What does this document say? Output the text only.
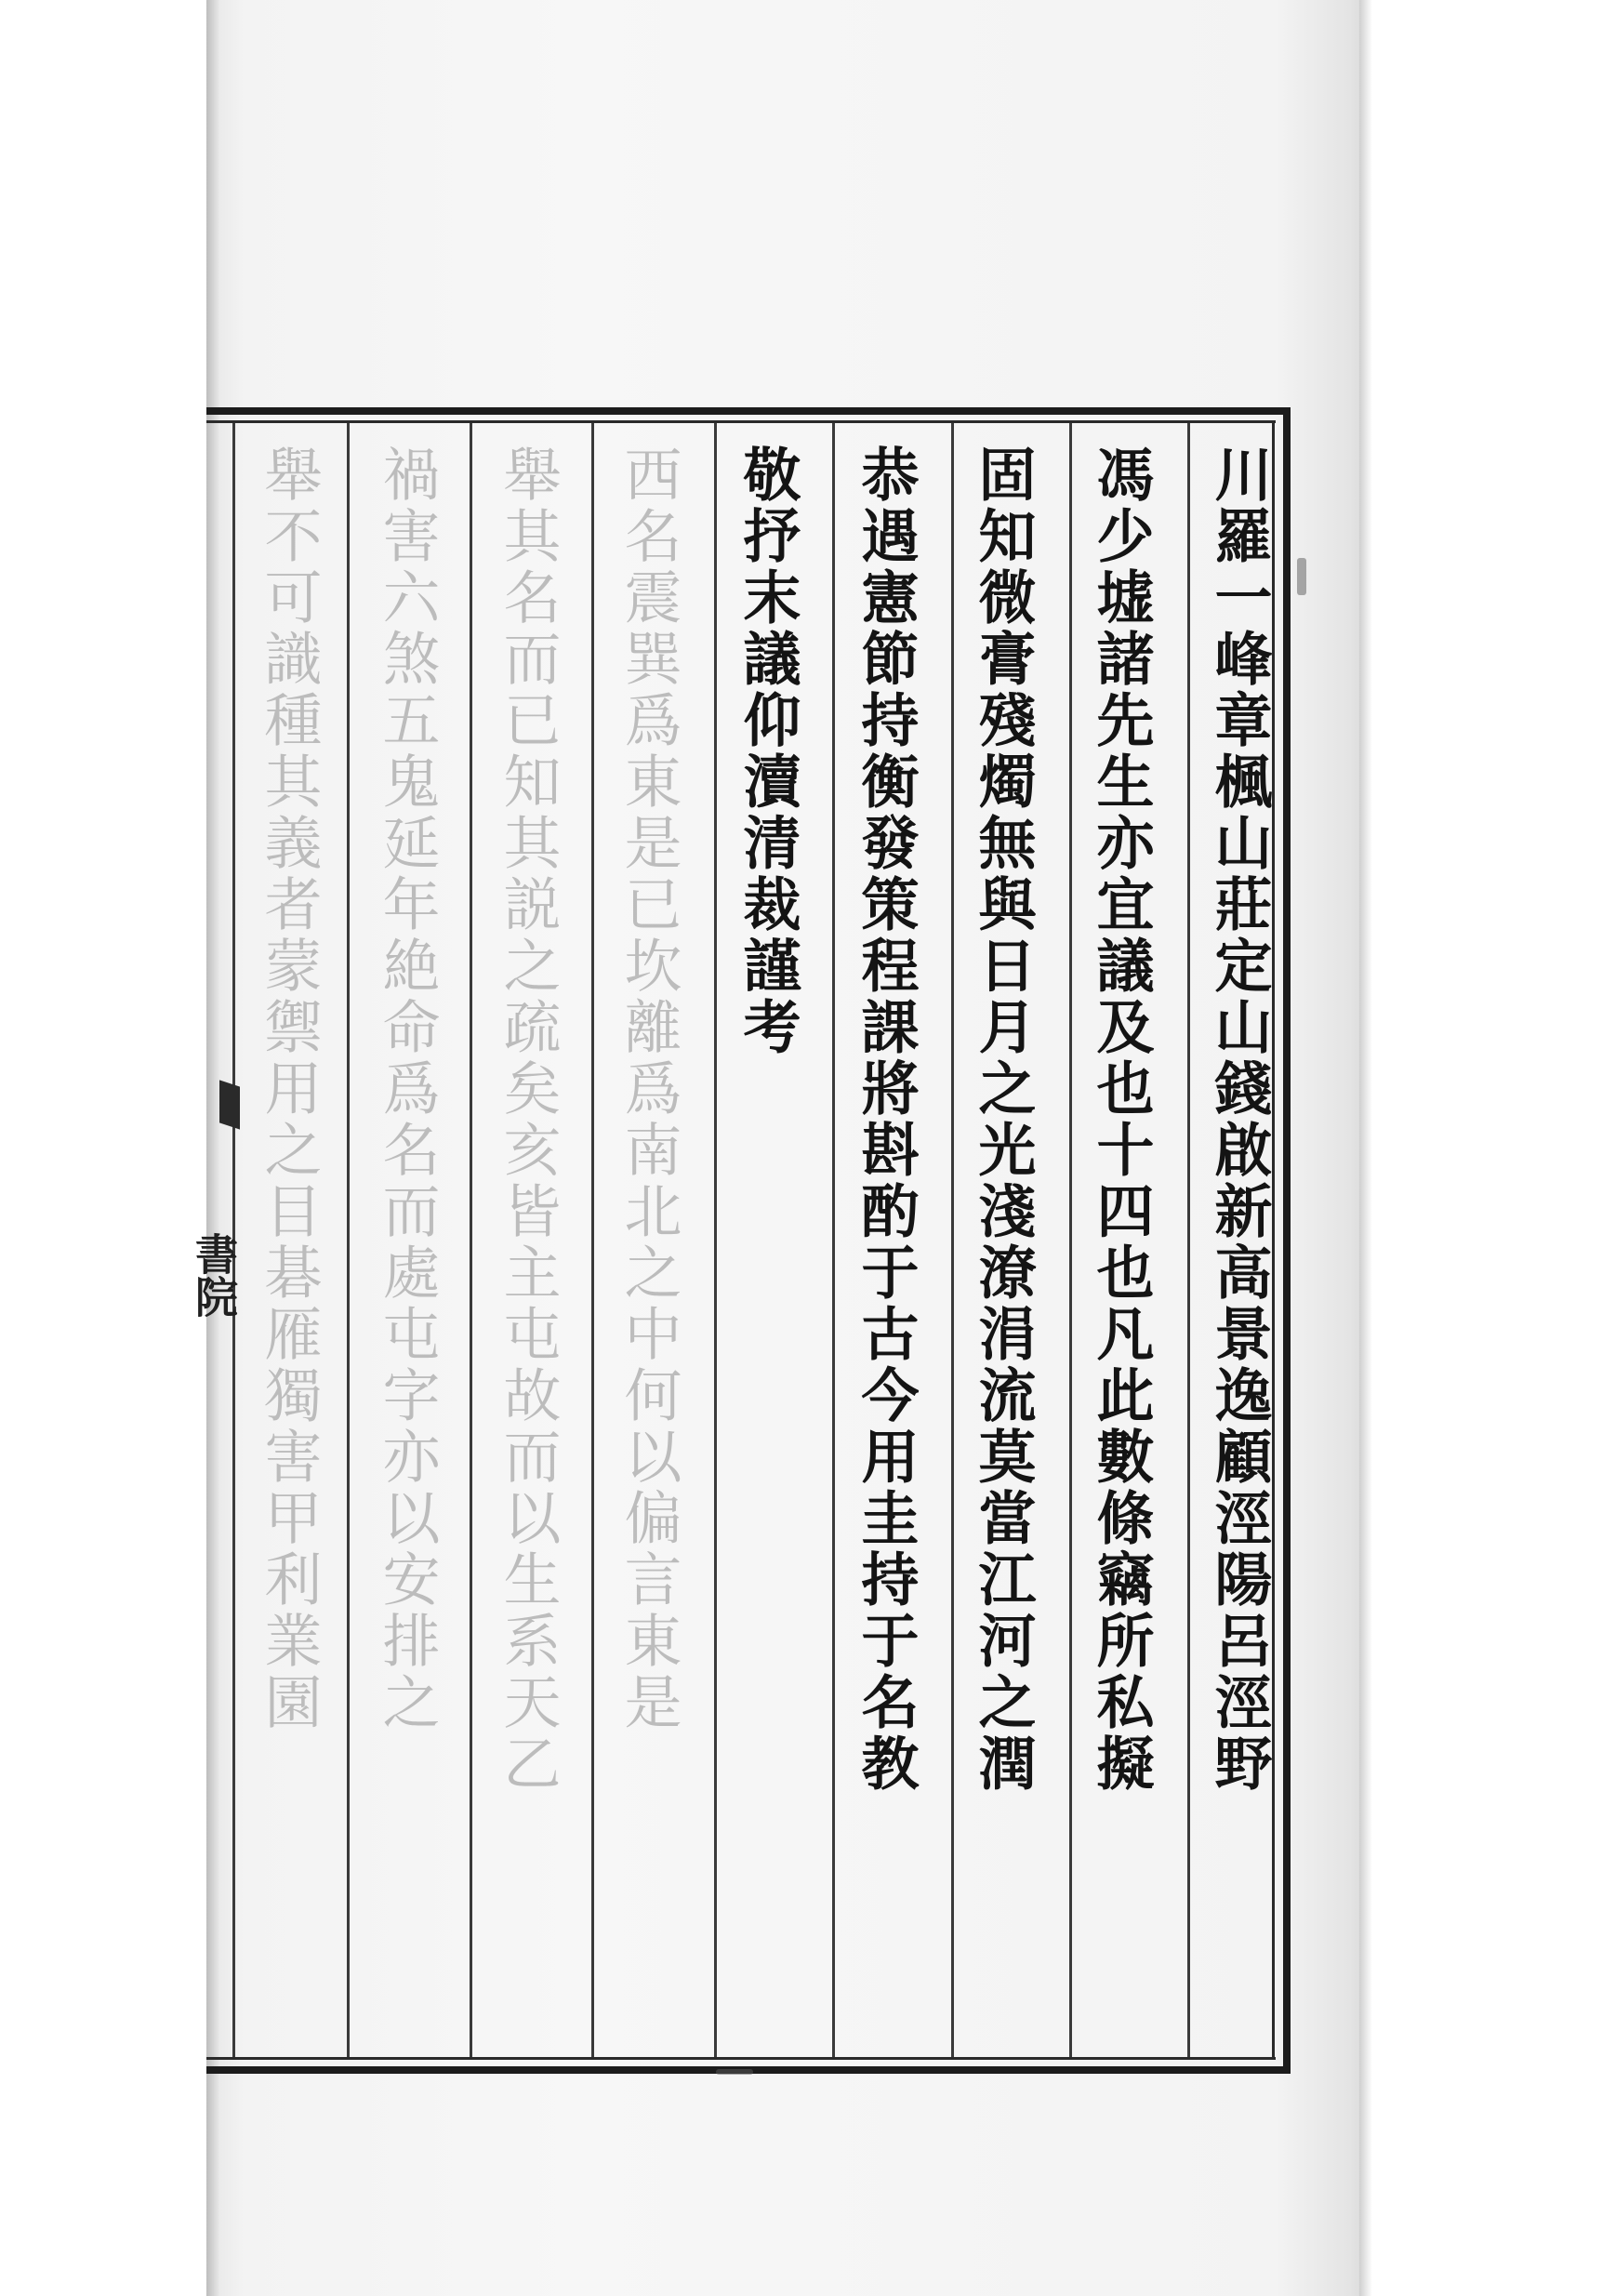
川羅一峰章楓山莊定山錢啟新高景逸顧涇陽呂涇野
馮少墟諸先生亦宜議及也十四也凡此數條竊所私擬
固知微膏殘燭無與日月之光淺潦涓流莫當江河之潤
恭遇憲節持衡發策程課將斟酌于古今用圭持于名教
敬抒末議仰瀆清裁謹考
西名震巽爲東是已坎離爲南北之中何以偏言東是
舉其名而已知其説之疏矣亥皆主屯故而以生系天乙
禍害六煞五鬼延年絶命爲名而處屯字亦以安排之
舉不可識種其義者蒙禦用之目碁雁獨害甲利業園
書院
